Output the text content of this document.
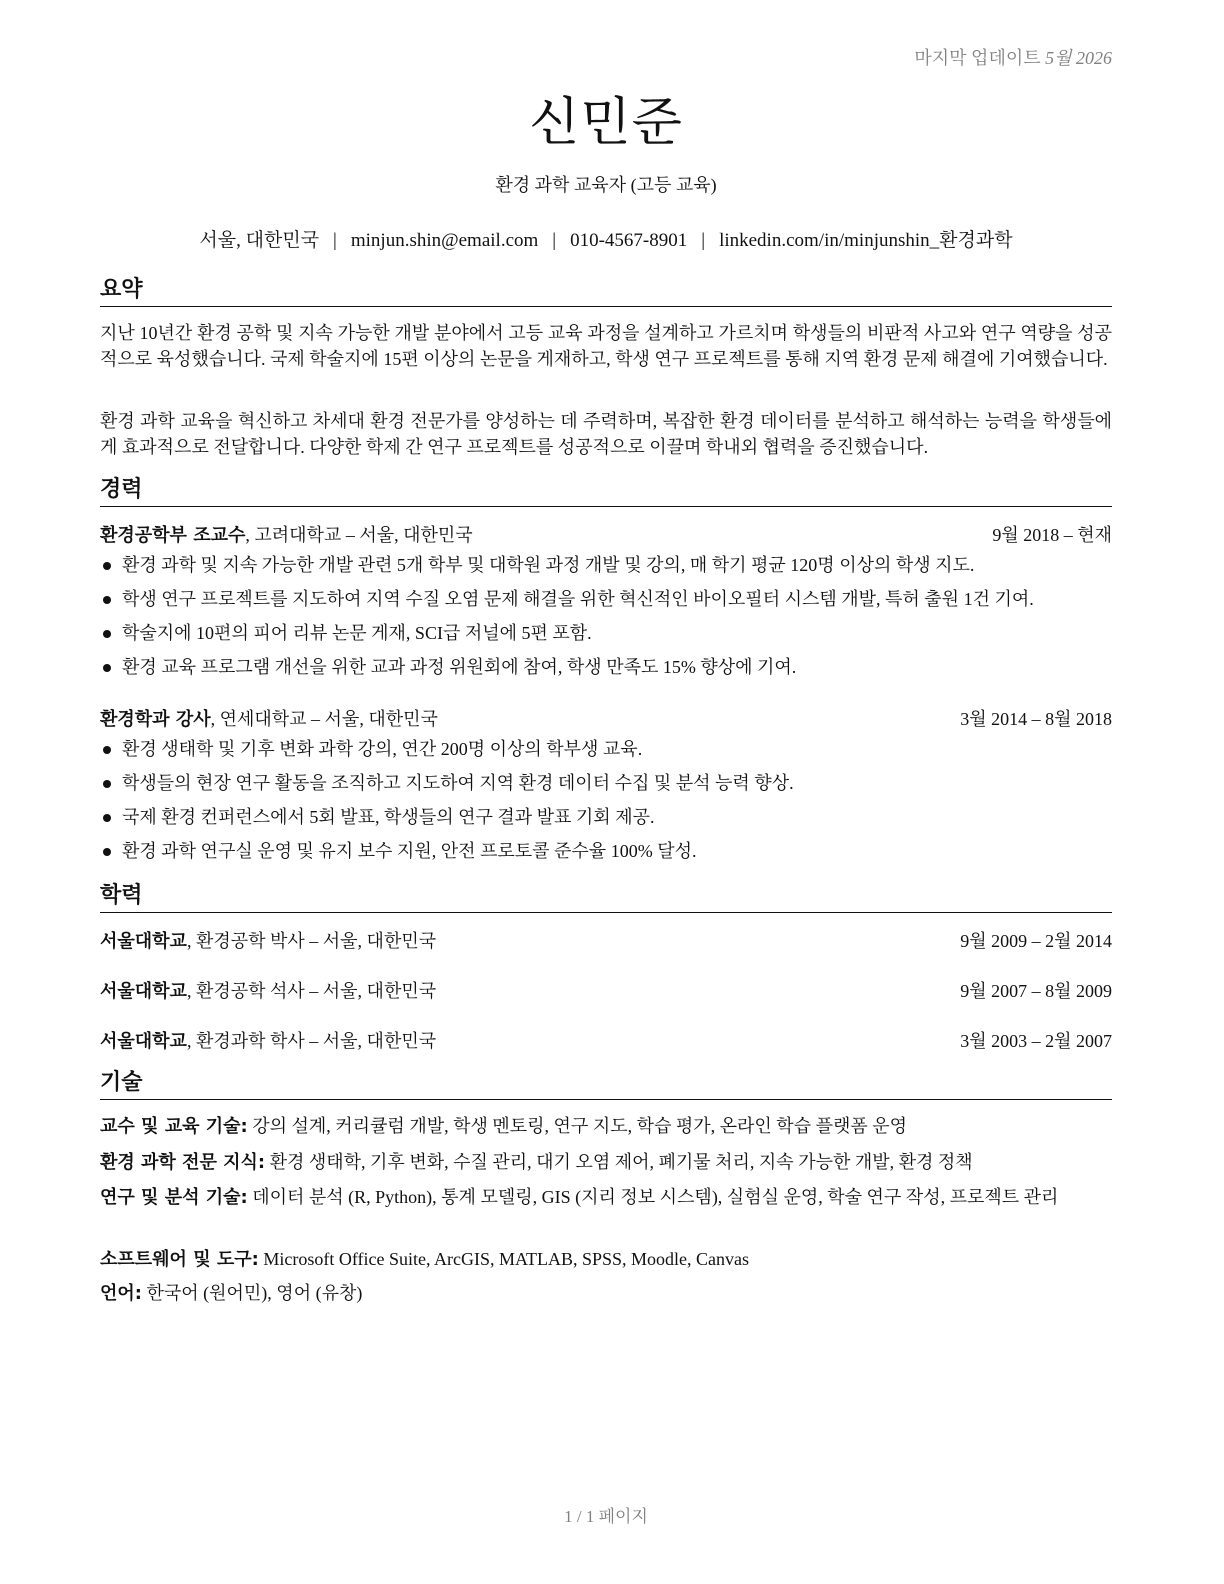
마지막 업데이트 5월 2026
신민준
환경 과학 교육자 (고등 교육)
서울, 대한민국 | minjun.shin@email.com | 010-4567-8901 | linkedin.com/in/minjunshin_환경과학
요약
지난 10년간 환경 공학 및 지속 가능한 개발 분야에서 고등 교육 과정을 설계하고 가르치며 학생들의 비판적 사고와 연구 역량을 성공적으로 육성했습니다. 국제 학술지에 15편 이상의 논문을 게재하고, 학생 연구 프로젝트를 통해 지역 환경 문제 해결에 기여했습니다.
환경 과학 교육을 혁신하고 차세대 환경 전문가를 양성하는 데 주력하며, 복잡한 환경 데이터를 분석하고 해석하는 능력을 학생들에게 효과적으로 전달합니다. 다양한 학제 간 연구 프로젝트를 성공적으로 이끌며 학내외 협력을 증진했습니다.
경력
환경공학부 조교수, 고려대학교 – 서울, 대한민국	9월 2018 – 현재
환경 과학 및 지속 가능한 개발 관련 5개 학부 및 대학원 과정 개발 및 강의, 매 학기 평균 120명 이상의 학생 지도.
학생 연구 프로젝트를 지도하여 지역 수질 오염 문제 해결을 위한 혁신적인 바이오필터 시스템 개발, 특허 출원 1건 기여.
학술지에 10편의 피어 리뷰 논문 게재, SCI급 저널에 5편 포함.
환경 교육 프로그램 개선을 위한 교과 과정 위원회에 참여, 학생 만족도 15% 향상에 기여.
환경학과 강사, 연세대학교 – 서울, 대한민국	3월 2014 – 8월 2018
환경 생태학 및 기후 변화 과학 강의, 연간 200명 이상의 학부생 교육.
학생들의 현장 연구 활동을 조직하고 지도하여 지역 환경 데이터 수집 및 분석 능력 향상.
국제 환경 컨퍼런스에서 5회 발표, 학생들의 연구 결과 발표 기회 제공.
환경 과학 연구실 운영 및 유지 보수 지원, 안전 프로토콜 준수율 100% 달성.
학력
서울대학교, 환경공학 박사 – 서울, 대한민국	9월 2009 – 2월 2014
서울대학교, 환경공학 석사 – 서울, 대한민국	9월 2007 – 8월 2009
서울대학교, 환경과학 학사 – 서울, 대한민국	3월 2003 – 2월 2007
기술
교수 및 교육 기술: 강의 설계, 커리큘럼 개발, 학생 멘토링, 연구 지도, 학습 평가, 온라인 학습 플랫폼 운영
환경 과학 전문 지식: 환경 생태학, 기후 변화, 수질 관리, 대기 오염 제어, 폐기물 처리, 지속 가능한 개발, 환경 정책
연구 및 분석 기술: 데이터 분석 (R, Python), 통계 모델링, GIS (지리 정보 시스템), 실험실 운영, 학술 연구 작성, 프로젝트 관리
소프트웨어 및 도구: Microsoft Office Suite, ArcGIS, MATLAB, SPSS, Moodle, Canvas
언어: 한국어 (원어민), 영어 (유창)
1 / 1 페이지
